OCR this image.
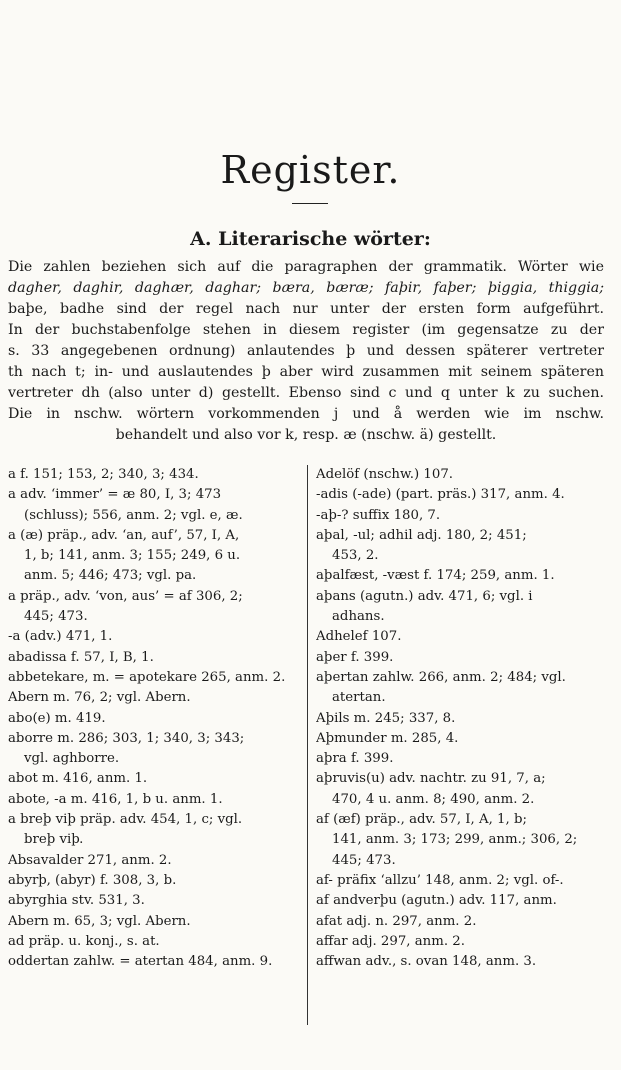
Register.
A. Literarische wörter:
Die zahlen beziehen sich auf die paragraphen der grammatik. Wörter wie
dagher, daghir, daghær, daghar; bæra, bæræ; faþir, faþer; þiggia, thiggia;
baþe, badhe sind der regel nach nur unter der ersten form aufgeführt.
In der buchstabenfolge stehen in diesem register (im gegensatze zu der
s. 33 angegebenen ordnung) anlautendes þ und dessen späterer vertreter
th nach t; in- und auslautendes þ aber wird zusammen mit seinem späteren
vertreter dh (also unter d) gestellt. Ebenso sind c und q unter k zu suchen.
Die in nschw. wörtern vorkommenden j und å werden wie im nschw.
behandelt und also vor k, resp. æ (nschw. ä) gestellt.
a f. 151; 153, 2; 340, 3; 434.
a adv. ‘immer’ = æ 80, I, 3; 473
(schluss); 556, anm. 2; vgl. e, æ.
a (æ) präp., adv. ‘an, auf’, 57, I, A,
1, b; 141, anm. 3; 155; 249, 6 u.
anm. 5; 446; 473; vgl. pa.
a präp., adv. ‘von, aus’ = af 306, 2;
445; 473.
-a (adv.) 471, 1.
abadissa f. 57, I, B, 1.
abbetekare, m. = apotekare 265, anm. 2.
Abern m. 76, 2; vgl. Abern.
abo(e) m. 419.
aborre m. 286; 303, 1; 340, 3; 343;
vgl. aghborre.
abot m. 416, anm. 1.
abote, -a m. 416, 1, b u. anm. 1.
a breþ viþ präp. adv. 454, 1, c; vgl.
breþ viþ.
Absavalder 271, anm. 2.
abyrþ, (abyr) f. 308, 3, b.
abyrghia stv. 531, 3.
Abern m. 65, 3; vgl. Abern.
ad präp. u. konj., s. at.
oddertan zahlw. = atertan 484, anm. 9.
Adelöf (nschw.) 107.
-adis (-ade) (part. präs.) 317, anm. 4.
-aþ-? suffix 180, 7.
aþal, -ul; adhil adj. 180, 2; 451;
453, 2.
aþalfæst, -væst f. 174; 259, anm. 1.
aþans (agutn.) adv. 471, 6; vgl. i
adhans.
Adhelef 107.
aþer f. 399.
aþertan zahlw. 266, anm. 2; 484; vgl.
atertan.
Aþils m. 245; 337, 8.
Aþmunder m. 285, 4.
aþra f. 399.
aþruvis(u) adv. nachtr. zu 91, 7, a;
470, 4 u. anm. 8; 490, anm. 2.
af (æf) präp., adv. 57, I, A, 1, b;
141, anm. 3; 173; 299, anm.; 306, 2;
445; 473.
af- präfix ‘allzu’ 148, anm. 2; vgl. of-.
af andverþu (agutn.) adv. 117, anm.
afat adj. n. 297, anm. 2.
affar adj. 297, anm. 2.
affwan adv., s. ovan 148, anm. 3.
